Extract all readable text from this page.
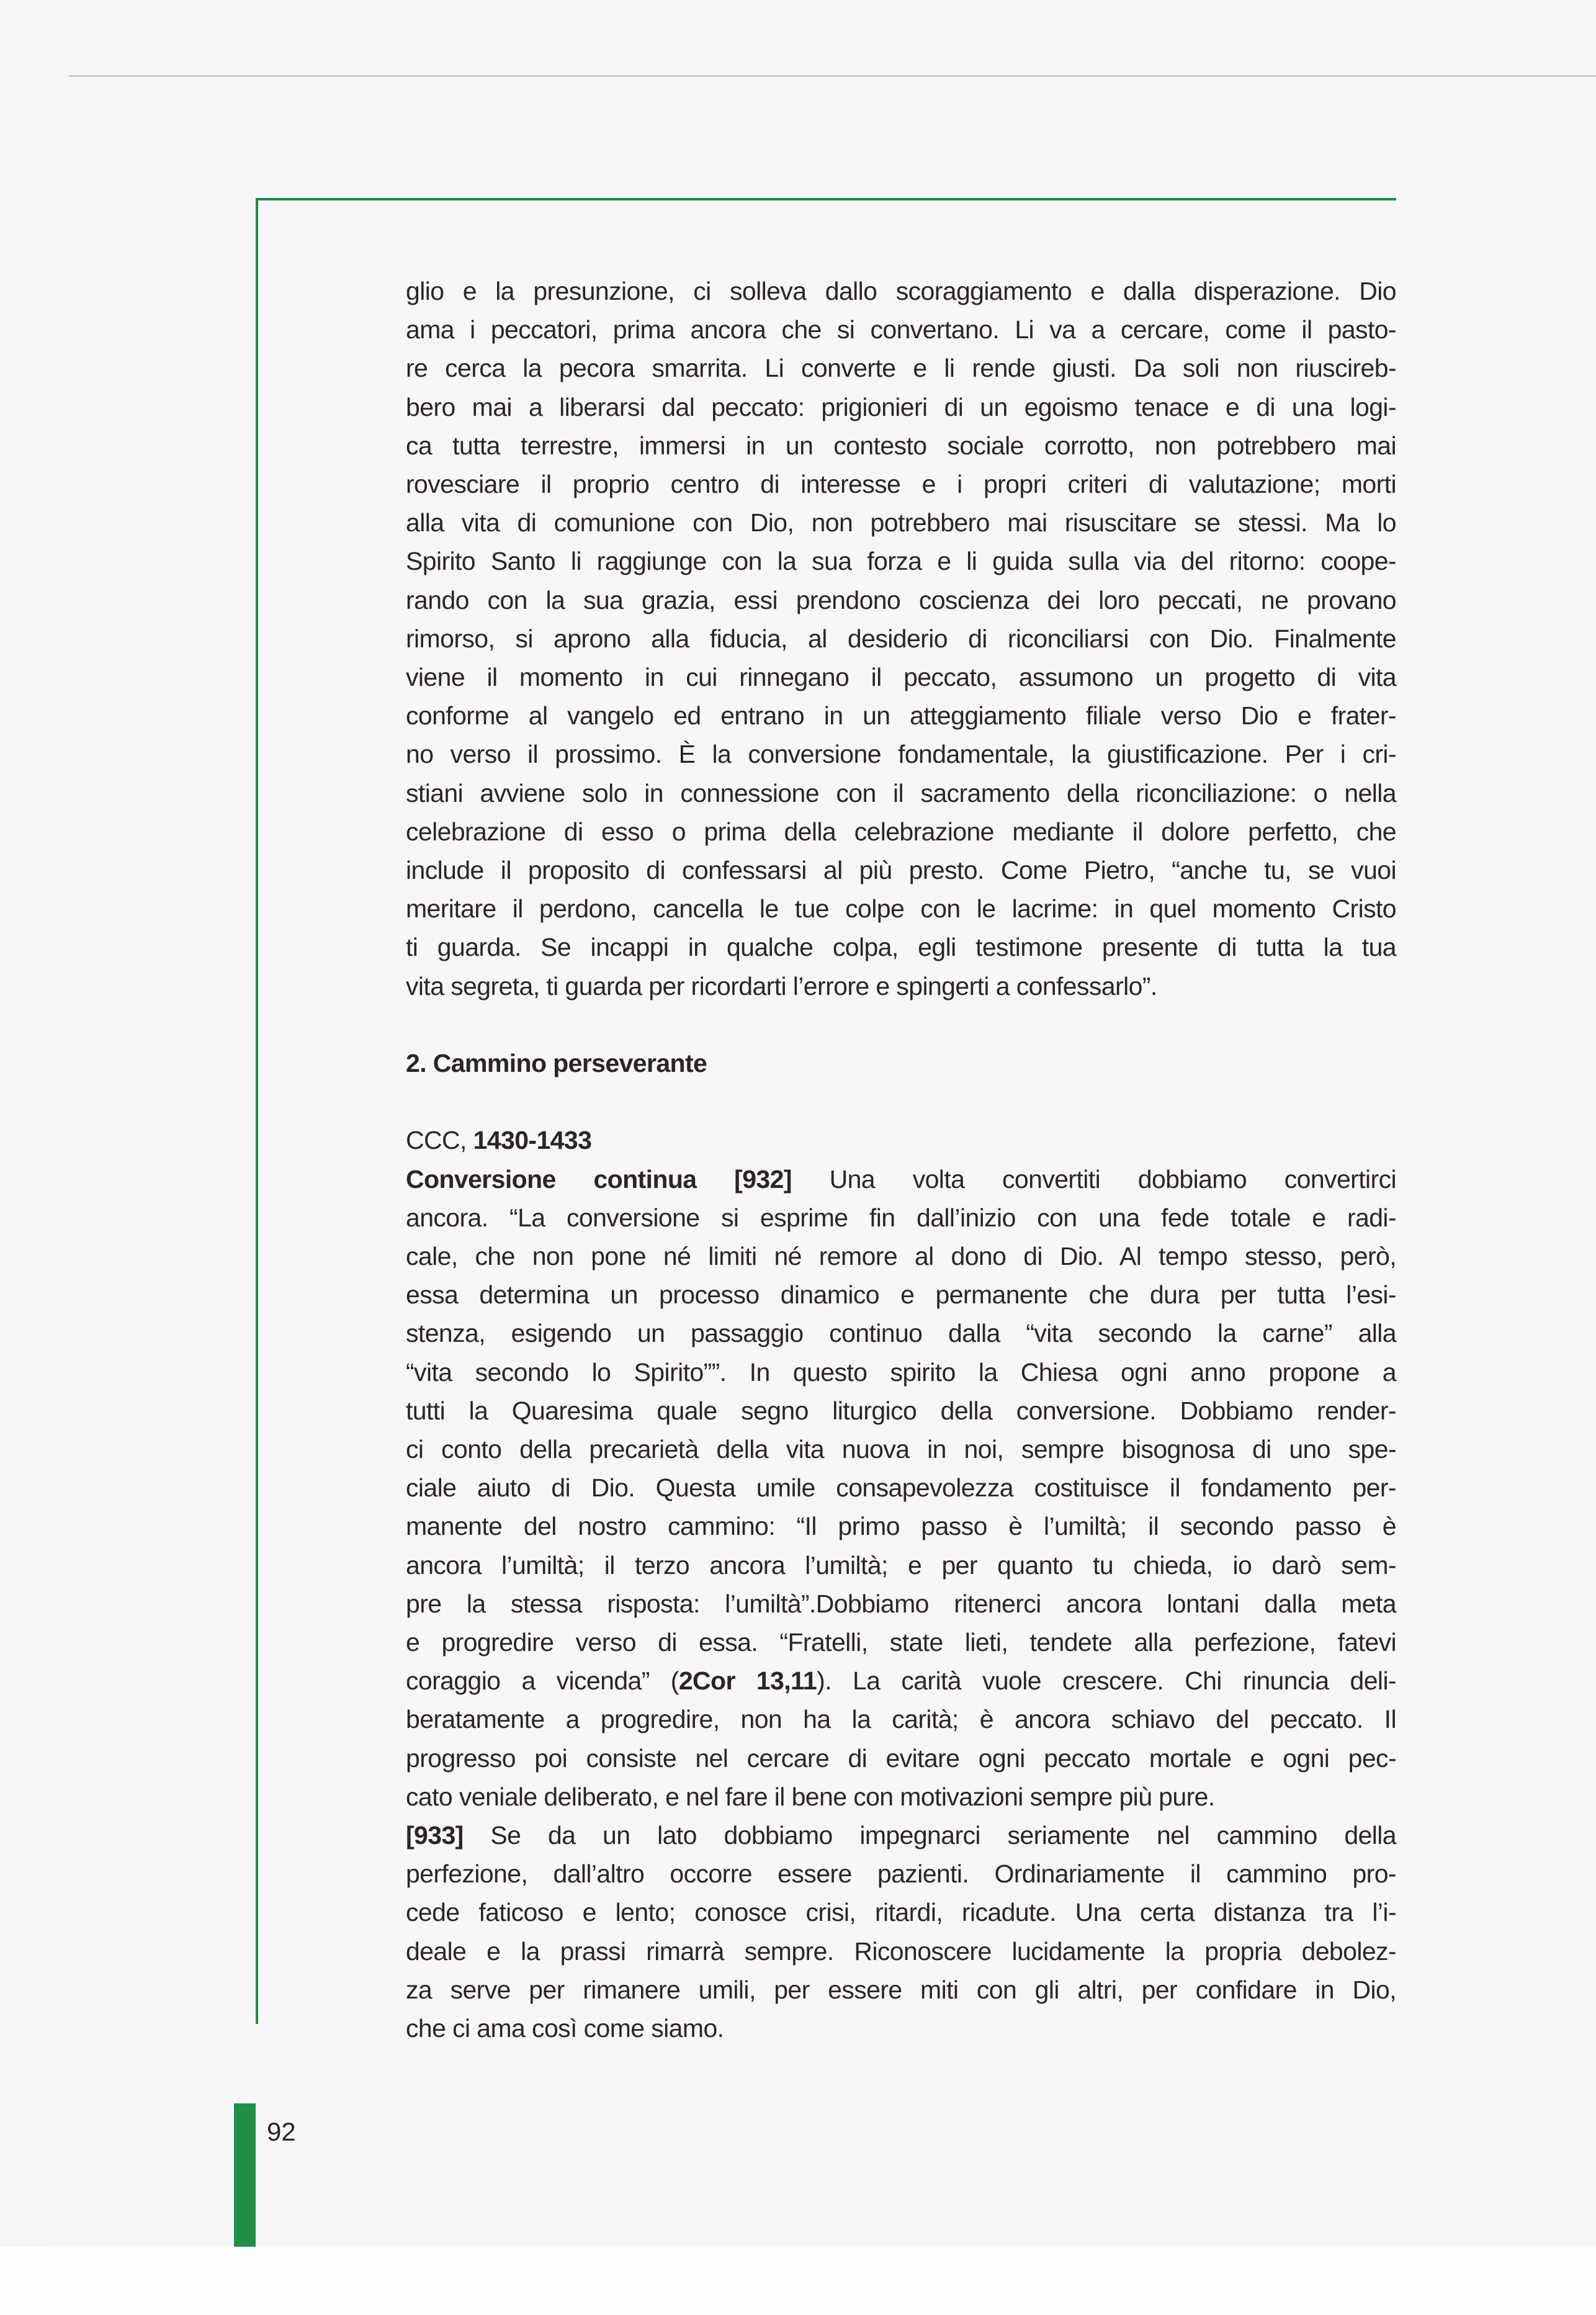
92
glio e la presunzione, ci solleva dallo scoraggiamento e dalla disperazione. Dio
ama i peccatori, prima ancora che si convertano. Li va a cercare, come il pasto-
re cerca la pecora smarrita. Li converte e li rende giusti. Da soli non riuscireb-
bero mai a liberarsi dal peccato: prigionieri di un egoismo tenace e di una logi-
ca tutta terrestre, immersi in un contesto sociale corrotto, non potrebbero mai
rovesciare il proprio centro di interesse e i propri criteri di valutazione; morti
alla vita di comunione con Dio, non potrebbero mai risuscitare se stessi. Ma lo
Spirito Santo li raggiunge con la sua forza e li guida sulla via del ritorno: coope-
rando con la sua grazia, essi prendono coscienza dei loro peccati, ne provano
rimorso, si aprono alla fiducia, al desiderio di riconciliarsi con Dio. Finalmente
viene il momento in cui rinnegano il peccato, assumono un progetto di vita
conforme al vangelo ed entrano in un atteggiamento filiale verso Dio e frater-
no verso il prossimo. È la conversione fondamentale, la giustificazione. Per i cri-
stiani avviene solo in connessione con il sacramento della riconciliazione: o nella
celebrazione di esso o prima della celebrazione mediante il dolore perfetto, che
include il proposito di confessarsi al più presto. Come Pietro, “anche tu, se vuoi
meritare il perdono, cancella le tue colpe con le lacrime: in quel momento Cristo
ti guarda. Se incappi in qualche colpa, egli testimone presente di tutta la tua
vita segreta, ti guarda per ricordarti l’errore e spingerti a confessarlo”.
2. Cammino perseverante
CCC, 1430-1433
Conversione continua [932] Una volta convertiti dobbiamo convertirci
ancora. “La conversione si esprime fin dall’inizio con una fede totale e radi-
cale, che non pone né limiti né remore al dono di Dio. Al tempo stesso, però,
essa determina un processo dinamico e permanente che dura per tutta l’esi-
stenza, esigendo un passaggio continuo dalla “vita secondo la carne” alla
“vita secondo lo Spirito””. In questo spirito la Chiesa ogni anno propone a
tutti la Quaresima quale segno liturgico della conversione. Dobbiamo render-
ci conto della precarietà della vita nuova in noi, sempre bisognosa di uno spe-
ciale aiuto di Dio. Questa umile consapevolezza costituisce il fondamento per-
manente del nostro cammino: “Il primo passo è l’umiltà; il secondo passo è
ancora l’umiltà; il terzo ancora l’umiltà; e per quanto tu chieda, io darò sem-
pre la stessa risposta: l’umiltà”.Dobbiamo ritenerci ancora lontani dalla meta
e progredire verso di essa. “Fratelli, state lieti, tendete alla perfezione, fatevi
coraggio a vicenda” (2Cor 13,11). La carità vuole crescere. Chi rinuncia deli-
beratamente a progredire, non ha la carità; è ancora schiavo del peccato. Il
progresso poi consiste nel cercare di evitare ogni peccato mortale e ogni pec-
cato veniale deliberato, e nel fare il bene con motivazioni sempre più pure.
[933] Se da un lato dobbiamo impegnarci seriamente nel cammino della
perfezione, dall’altro occorre essere pazienti. Ordinariamente il cammino pro-
cede faticoso e lento; conosce crisi, ritardi, ricadute. Una certa distanza tra l’i-
deale e la prassi rimarrà sempre. Riconoscere lucidamente la propria debolez-
za serve per rimanere umili, per essere miti con gli altri, per confidare in Dio,
che ci ama così come siamo.
